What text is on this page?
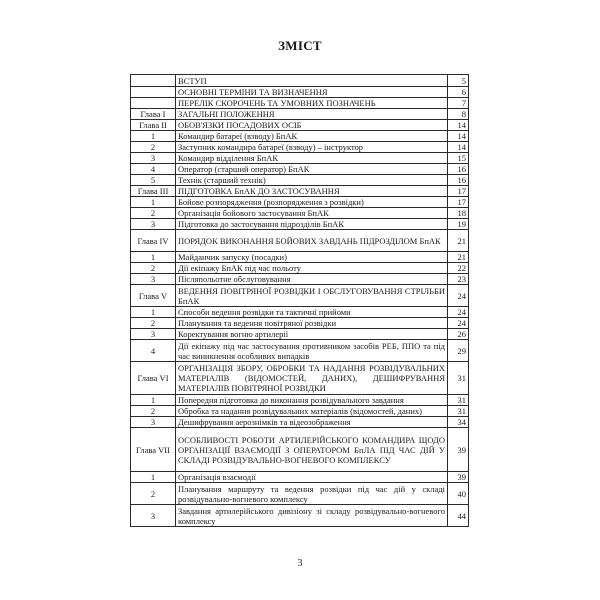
ЗМІСТ
	ВСТУП	5
	ОСНОВНІ ТЕРМІНИ ТА ВИЗНАЧЕННЯ	6
	ПЕРЕЛІК СКОРОЧЕНЬ ТА УМОВНИХ ПОЗНАЧЕНЬ	7
Глава І	ЗАГАЛЬНІ ПОЛОЖЕННЯ	8
Глава ІІ	ОБОВ'ЯЗКИ ПОСАДОВИХ ОСІБ	14
1	Командир батареї (взводу) БпАК	14
2	Заступник командира батареї (взводу) – інструктор	14
3	Командир відділення БпАК	15
4	Оператор (старший оператор) БпАК	16
5	Технік (старший технік)	16
Глава ІІІ	ПІДГОТОВКА БпАК ДО ЗАСТОСУВАННЯ	17
1	Бойове розпорядження (розпорядження з розвідки)	17
2	Організація бойового застосування БпАК	18
3	Підготовка до застосування підрозділів БпАК	19
Глава IV	ПОРЯДОК ВИКОНАННЯ БОЙОВИХ ЗАВДАНЬ ПІДРОЗДІЛОМ БпАК	21
1	Майданчик запуску (посадки)	21
2	Дії екіпажу БпАК під час польоту	22
3	Післяпольотне обслуговування	23
Глава V	ВЕДЕННЯ ПОВІТРЯНОЇ РОЗВІДКИ І ОБСЛУГОВУВАННЯ СТРІЛЬБИ БпАК	24
1	Способи ведення розвідки та тактичні прийоми	24
2	Планування та ведення повітряної розвідки	24
3	Коректування вогню артилерії	26
4	Дії екіпажу під час застосування противником засобів РЕБ, ППО та під час виникнення особливих випадків	29
Глава VI	ОРГАНІЗАЦІЯ ЗБОРУ, ОБРОБКИ ТА НАДАННЯ РОЗВІДУВАЛЬНИХ МАТЕРІАЛІВ (ВІДОМОСТЕЙ, ДАНИХ), ДЕШИФРУВАННЯ МАТЕРІАЛІВ ПОВІТРЯНОЇ РОЗВІДКИ	31
1	Попередня підготовка до виконання розвідувального завдання	31
2	Обробка та надання розвідувальних матеріалів (відомостей, даних)	31
3	Дешифрування аерознімків та відеозображення	34
Глава VII	ОСОБЛИВОСТІ РОБОТИ АРТИЛЕРІЙСЬКОГО КОМАНДИРА ЩОДО ОРГАНІЗАЦІЇ ВЗАЄМОДІЇ З ОПЕРАТОРОМ БпЛА ПІД ЧАС ДІЙ У СКЛАДІ РОЗВІДУВАЛЬНО-ВОГНЕВОГО КОМПЛЕКСУ	39
1	Організація взаємодії	39
2	Планування маршруту та ведення розвідки під час дій у складі розвідувально-вогневого комплексу	40
3	Завдання артилерійського дивізіону зі складу розвідувально-вогневого комплексу	44
3
